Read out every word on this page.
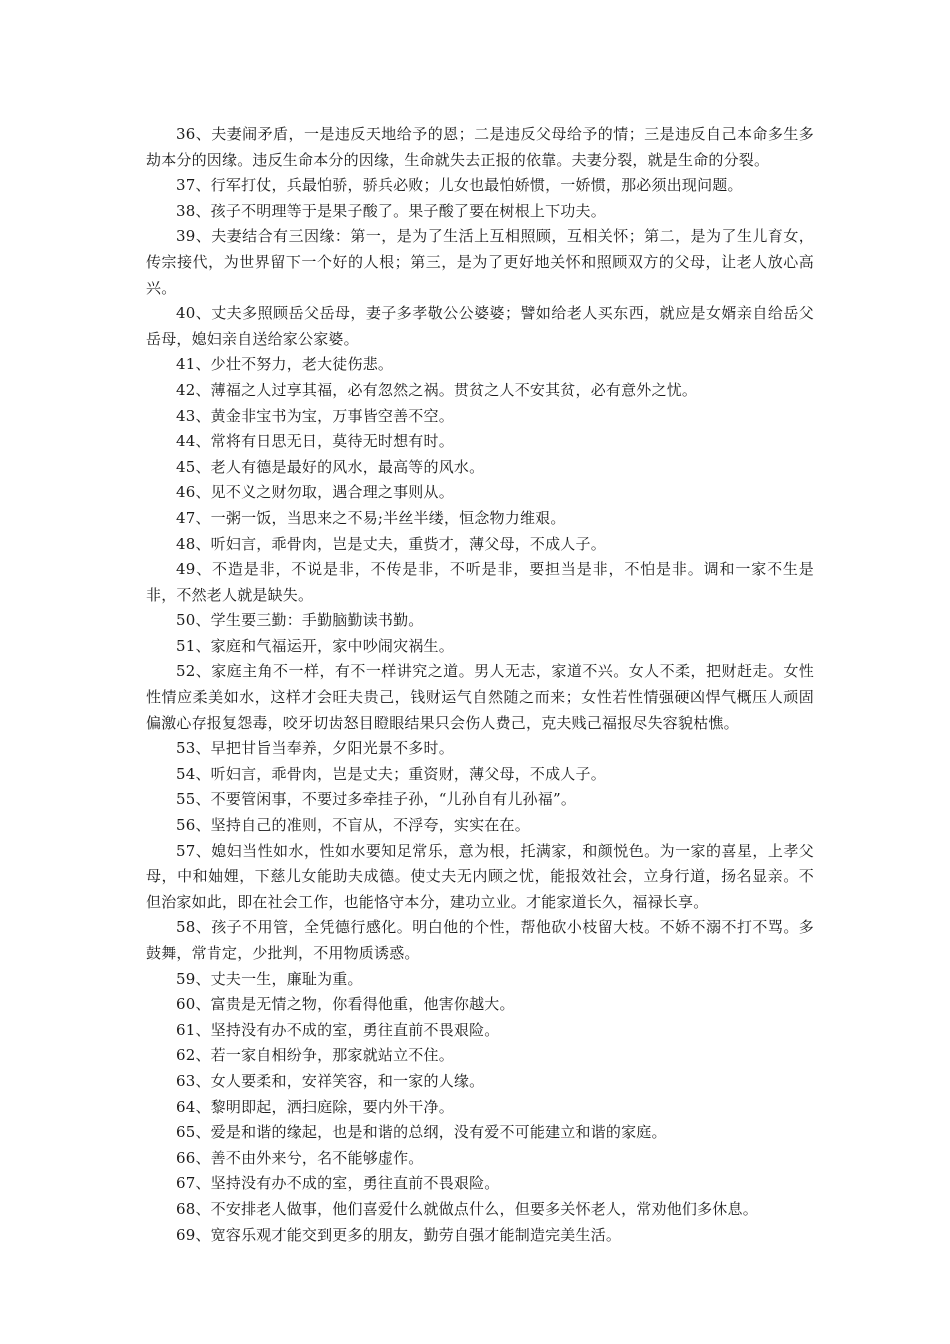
36、夫妻闹矛盾，一是违反天地给予的恩；二是违反父母给予的情；三是违反自己本命多生多劫本分的因缘。违反生命本分的因缘，生命就失去正报的依靠。夫妻分裂，就是生命的分裂。

37、行军打仗，兵最怕骄，骄兵必败；儿女也最怕娇惯，一娇惯，那必须出现问题。

38、孩子不明理等于是果子酸了。果子酸了要在树根上下功夫。

39、夫妻结合有三因缘：第一，是为了生活上互相照顾，互相关怀；第二，是为了生儿育女，传宗接代，为世界留下一个好的人根；第三，是为了更好地关怀和照顾双方的父母，让老人放心高兴。

40、丈夫多照顾岳父岳母，妻子多孝敬公公婆婆；譬如给老人买东西，就应是女婿亲自给岳父岳母，媳妇亲自送给家公家婆。

41、少壮不努力，老大徒伤悲。

42、薄福之人过享其福，必有忽然之祸。贯贫之人不安其贫，必有意外之忧。

43、黄金非宝书为宝，万事皆空善不空。

44、常将有日思无日，莫待无时想有时。

45、老人有德是最好的风水，最高等的风水。

46、见不义之财勿取，遇合理之事则从。

47、一粥一饭，当思来之不易;半丝半缕，恒念物力维艰。

48、听妇言，乖骨肉，岂是丈夫，重赀才，薄父母，不成人子。

49、不造是非，不说是非，不传是非，不听是非，要担当是非，不怕是非。调和一家不生是非，不然老人就是缺失。

50、学生要三勤：手勤脑勤读书勤。

51、家庭和气福运开，家中吵闹灾祸生。

52、家庭主角不一样，有不一样讲究之道。男人无志，家道不兴。女人不柔，把财赶走。女性性情应柔美如水，这样才会旺夫贵己，钱财运气自然随之而来；女性若性情强硬凶悍气概压人顽固偏激心存报复怨毒，咬牙切齿怒目瞪眼结果只会伤人费己，克夫贱己福报尽失容貌枯憔。

53、早把甘旨当奉养，夕阳光景不多时。

54、听妇言，乖骨肉，岂是丈夫；重资财，薄父母，不成人子。

55、不要管闲事，不要过多牵挂子孙，“儿孙自有儿孙福”。

56、坚持自己的准则，不盲从，不浮夸，实实在在。

57、媳妇当性如水，性如水要知足常乐，意为根，托满家，和颜悦色。为一家的喜星，上孝父母，中和妯娌，下慈儿女能助夫成德。使丈夫无内顾之忧，能报效社会，立身行道，扬名显亲。不但治家如此，即在社会工作，也能恪守本分，建功立业。才能家道长久，福禄长享。

58、孩子不用管，全凭德行感化。明白他的个性，帮他砍小枝留大枝。不娇不溺不打不骂。多鼓舞，常肯定，少批判，不用物质诱惑。

59、丈夫一生，廉耻为重。

60、富贵是无情之物，你看得他重，他害你越大。

61、坚持没有办不成的室，勇往直前不畏艰险。

62、若一家自相纷争，那家就站立不住。

63、女人要柔和，安祥笑容，和一家的人缘。

64、黎明即起，洒扫庭除，要内外干净。

65、爱是和谐的缘起，也是和谐的总纲，没有爱不可能建立和谐的家庭。

66、善不由外来兮，名不能够虚作。

67、坚持没有办不成的室，勇往直前不畏艰险。

68、不安排老人做事，他们喜爱什么就做点什么，但要多关怀老人，常劝他们多休息。

69、宽容乐观才能交到更多的朋友，勤劳自强才能制造完美生活。
